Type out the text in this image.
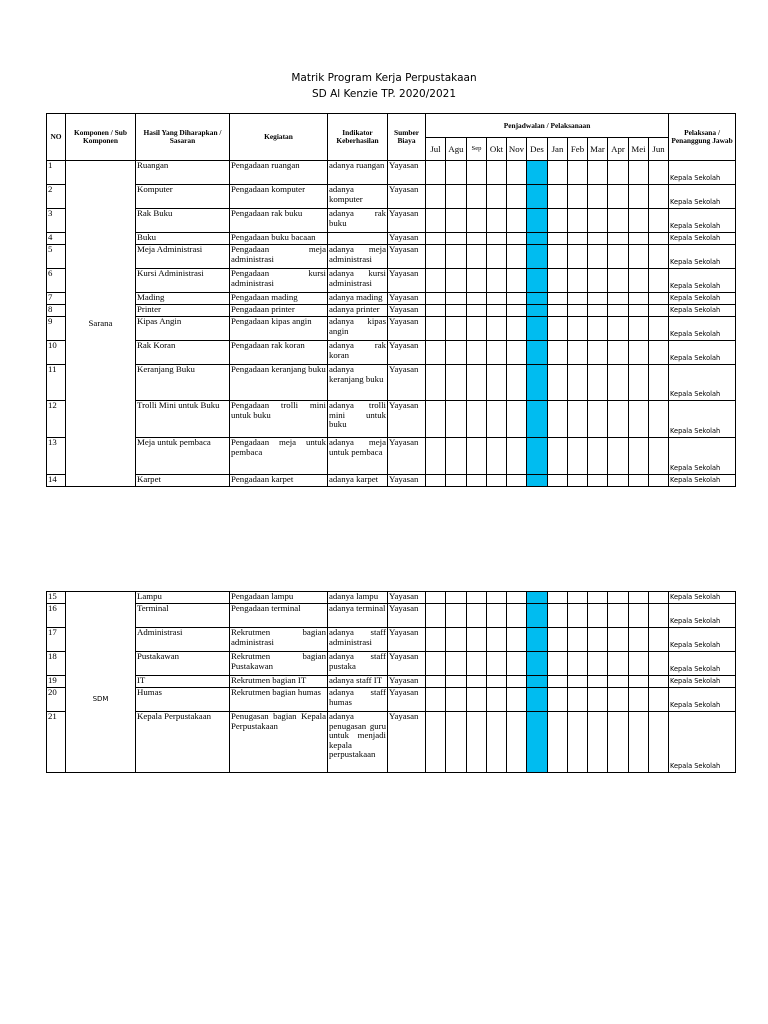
Matrik Program Kerja Perpustakaan
SD Al Kenzie TP. 2020/2021
NO	Komponen / Sub Komponen	Hasil Yang Diharapkan / Sasaran	Kegiatan	Indikator Keberhasilan	Sumber Biaya	Penjadwalan / Pelaksanaan												Pelaksana / Penanggung Jawab
						Jul	Agu	Sep	Okt	Nov	Des	Jan	Feb	Mar	Apr	Mei	Jun	
1	Sarana	Ruangan	Pengadaan ruangan	adanya ruangan	Yayasan													Kepala Sekolah
2		Komputer	Pengadaan komputer	adanya komputer	Yayasan													Kepala Sekolah
3		Rak Buku	Pengadaan rak buku	adanya rak buku	Yayasan													Kepala Sekolah
4		Buku	Pengadaan buku bacaan		Yayasan													Kepala Sekolah
5		Meja Administrasi	Pengadaan meja administrasi	adanya meja administrasi	Yayasan													Kepala Sekolah
6		Kursi Administrasi	Pengadaan kursi administrasi	adanya kursi administrasi	Yayasan													Kepala Sekolah
7		Mading	Pengadaan mading	adanya mading	Yayasan													Kepala Sekolah
8		Printer	Pengadaan printer	adanya printer	Yayasan													Kepala Sekolah
9		Kipas Angin	Pengadaan kipas angin	adanya kipas angin	Yayasan													Kepala Sekolah
10		Rak Koran	Pengadaan rak koran	adanya rak koran	Yayasan													Kepala Sekolah
11		Keranjang Buku	Pengadaan keranjang buku	adanya keranjang buku	Yayasan													Kepala Sekolah
12		Trolli Mini untuk Buku	Pengadaan trolli mini untuk buku	adanya trolli mini untuk buku	Yayasan													Kepala Sekolah
13		Meja untuk pembaca	Pengadaan meja untuk pembaca	adanya meja untuk pembaca	Yayasan													Kepala Sekolah
14		Karpet	Pengadaan karpet	adanya karpet	Yayasan													Kepala Sekolah
15		Lampu	Pengadaan lampu	adanya lampu	Yayasan													Kepala Sekolah
16		Terminal	Pengadaan terminal	adanya terminal	Yayasan													Kepala Sekolah
17	SDM	Administrasi	Rekrutmen bagian administrasi	adanya staff administrasi	Yayasan													Kepala Sekolah
18		Pustakawan	Rekrutmen bagian Pustakawan	adanya staff pustaka	Yayasan													Kepala Sekolah
19		IT	Rekrutmen bagian IT	adanya staff IT	Yayasan													Kepala Sekolah
20		Humas	Rekrutmen bagian humas	adanya staff humas	Yayasan													Kepala Sekolah
21		Kepala Perpustakaan	Penugasan bagian Kepala Perpustakaan	adanya penugasan guru untuk menjadi kepala perpustakaan	Yayasan													Kepala Sekolah
